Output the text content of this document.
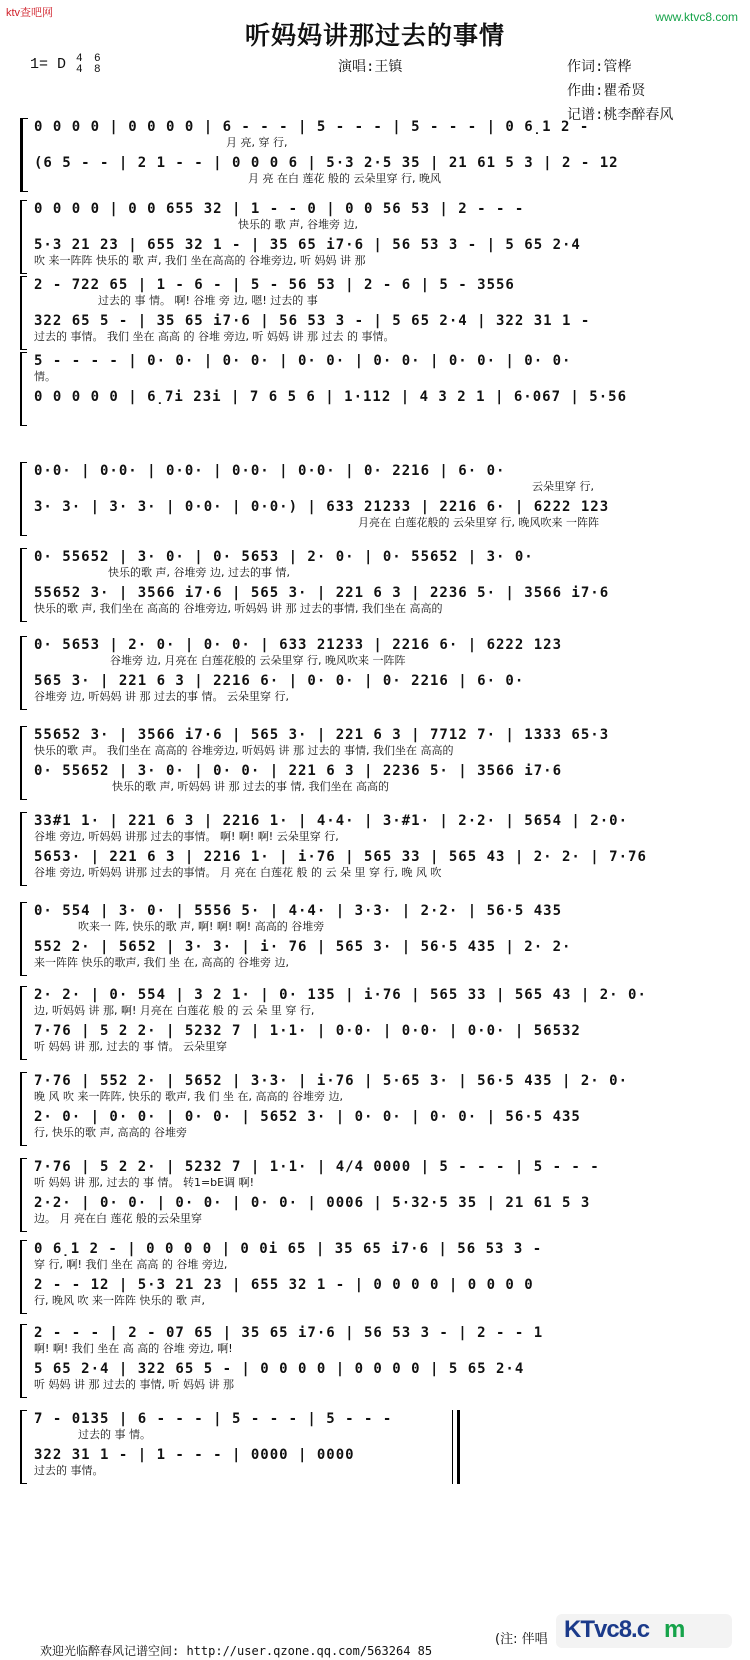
ktv查吧网	www.ktvc8.com
听妈妈讲那过去的事情
1= D 4
4
6
8	演唱:王镇	作词:管桦
作曲:瞿希贤
记谱:桃李醉春风
0 0 0 0 | 0 0 0 0 | 6 - - - | 5 - - - | 5 - - - | 0 6̣1 2 -
月 亮, 穿 行,
(6 5 - - | 2 1 - - | 0 0 0 6 | 5·3 2·5 35 | 21 61 5 3 | 2 - 12
月 亮 在白 莲花 般的 云朵里穿 行, 晚风
0 0 0 0 | 0 0 655 32 | 1 - - 0 | 0 0 56 53 | 2 - - -
快乐的 歌 声, 谷堆旁 边,
5·3 21 23 | 655 32 1 - | 35 65 i7·6 | 56 53 3 - | 5 65 2·4
吹 来一阵阵 快乐的 歌 声, 我们 坐在高高的 谷堆旁边, 听 妈妈 讲 那
2 - 722 65 | 1 - 6 - | 5 - 56 53 | 2 - 6 | 5 - 3556
过去的 事 情。 啊! 谷堆 旁 边, 嗯! 过去的 事
322 65 5 - | 35 65 i7·6 | 56 53 3 - | 5 65 2·4 | 322 31 1 -
过去的 事情。 我们 坐在 高高 的 谷堆 旁边, 听 妈妈 讲 那 过去 的 事情。
5 - - - - | 0· 0· | 0· 0· | 0· 0· | 0· 0· | 0· 0· | 0· 0·
情。
0 0 0 0 0 | 6̣7i 23i | 7 6 5 6 | 1·112 | 4 3 2 1 | 6·067 | 5·56
0·0· | 0·0· | 0·0· | 0·0· | 0·0· | 0· 2216 | 6· 0·
云朵里穿 行,
3· 3· | 3· 3· | 0·0· | 0·0·) | 633 21233 | 2216 6· | 6222 123
月亮在 白莲花般的 云朵里穿 行, 晚风吹来 一阵阵
0· 55652 | 3· 0· | 0· 5653 | 2· 0· | 0· 55652 | 3· 0·
快乐的歌 声, 谷堆旁 边, 过去的事 情,
55652 3· | 3566 i7·6 | 565 3· | 221 6 3 | 2236 5· | 3566 i7·6
快乐的歌 声, 我们坐在 高高的 谷堆旁边, 听妈妈 讲 那 过去的事情, 我们坐在 高高的
0· 5653 | 2· 0· | 0· 0· | 633 21233 | 2216 6· | 6222 123
谷堆旁 边, 月亮在 白莲花般的 云朵里穿 行, 晚风吹来 一阵阵
565 3· | 221 6 3 | 2216 6· | 0· 0· | 0· 2216 | 6· 0·
谷堆旁 边, 听妈妈 讲 那 过去的事 情。 云朵里穿 行,
55652 3· | 3566 i7·6 | 565 3· | 221 6 3 | 7712 7· | 1333 65·3
快乐的歌 声。 我们坐在 高高的 谷堆旁边, 听妈妈 讲 那 过去的 事情, 我们坐在 高高的
0· 55652 | 3· 0· | 0· 0· | 221 6 3 | 2236 5· | 3566 i7·6
快乐的歌 声, 听妈妈 讲 那 过去的事 情, 我们坐在 高高的
33#1 1· | 221 6 3 | 2216 1· | 4·4· | 3·#1· | 2·2· | 5654 | 2·0·
谷堆 旁边, 听妈妈 讲那 过去的事情。 啊! 啊! 啊! 云朵里穿 行,
5653· | 221 6 3 | 2216 1· | i·76 | 565 33 | 565 43 | 2· 2· | 7·76
谷堆 旁边, 听妈妈 讲那 过去的事情。 月 亮在 白莲花 般 的 云 朵 里 穿 行, 晚 风 吹
0· 554 | 3· 0· | 5556 5· | 4·4· | 3·3· | 2·2· | 56·5 435
吹来一 阵, 快乐的歌 声, 啊! 啊! 啊! 高高的 谷堆旁
552 2· | 5652 | 3· 3· | i· 76 | 565 3· | 56·5 435 | 2· 2·
来一阵阵 快乐的歌声, 我们 坐 在, 高高的 谷堆旁 边,
2· 2· | 0· 554 | 3 2 1· | 0· 135 | i·76 | 565 33 | 565 43 | 2· 0·
边, 听妈妈 讲 那, 啊! 月亮在 白莲花 般 的 云 朵 里 穿 行,
7·76 | 5 2 2· | 5232 7 | 1·1· | 0·0· | 0·0· | 0·0· | 56532
听 妈妈 讲 那, 过去的 事 情。 云朵里穿
7·76 | 552 2· | 5652 | 3·3· | i·76 | 5·65 3· | 56·5 435 | 2· 0·
晚 风 吹 来一阵阵, 快乐的 歌声, 我 们 坐 在, 高高的 谷堆旁 边,
2· 0· | 0· 0· | 0· 0· | 5652 3· | 0· 0· | 0· 0· | 56·5 435
行, 快乐的歌 声, 高高的 谷堆旁
7·76 | 5 2 2· | 5232 7 | 1·1· | 4/4 0000 | 5 - - - | 5 - - -
听 妈妈 讲 那, 过去的 事 情。 转1=bE调 啊!
2·2· | 0· 0· | 0· 0· | 0· 0· | 0006 | 5·32·5 35 | 21 61 5 3
边。 月 亮在白 莲花 般的云朵里穿
0 6̣1 2 - | 0 0 0 0 | 0 0i 65 | 35 65 i7·6 | 56 53 3 -
穿 行, 啊! 我们 坐在 高高 的 谷堆 旁边,
2 - - 12 | 5·3 21 23 | 655 32 1 - | 0 0 0 0 | 0 0 0 0
行, 晚风 吹 来一阵阵 快乐的 歌 声,
2 - - - | 2 - 07 65 | 35 65 i7·6 | 56 53 3 - | 2 - - 1
啊! 啊! 我们 坐在 高 高的 谷堆 旁边, 啊!
5 65 2·4 | 322 65 5 - | 0 0 0 0 | 0 0 0 0 | 5 65 2·4
听 妈妈 讲 那 过去的 事情, 听 妈妈 讲 那
7 - 0135 | 6 - - - | 5 - - - | 5 - - -
过去的 事 情。
322 31 1 - | 1 - - - | 0000 | 0000
过去的 事情。
(注: 伴唱 KTvc8.c m
欢迎光临醉春风记谱空间: http://user.qzone.qq.com/563264 85
